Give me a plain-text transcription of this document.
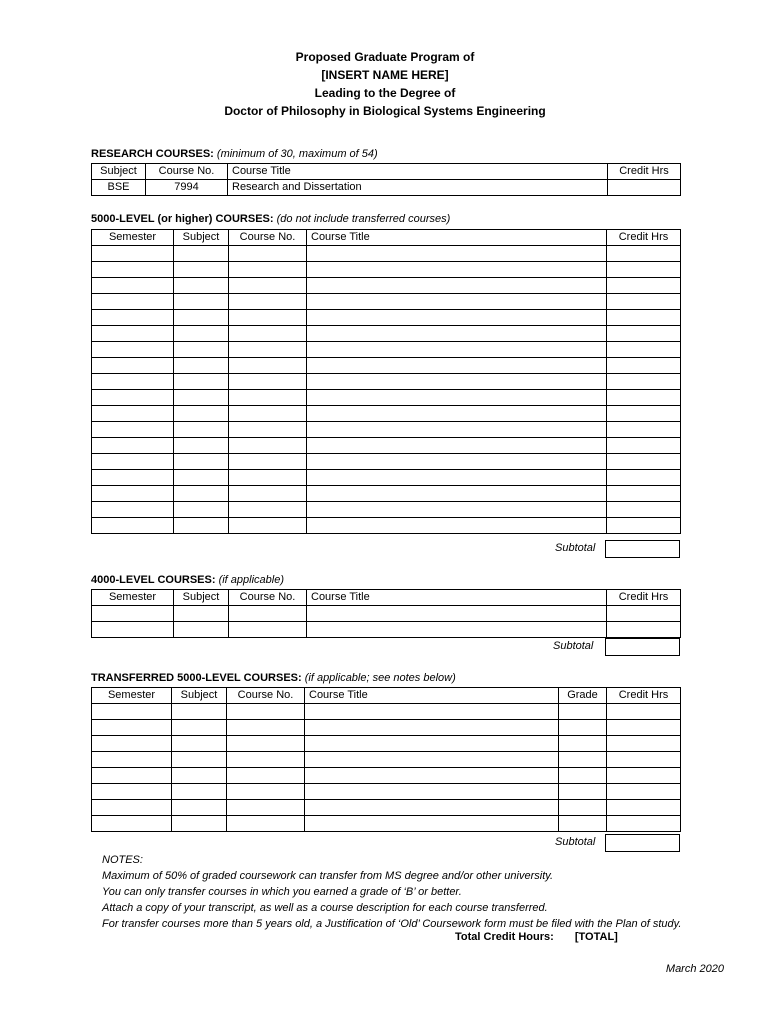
Proposed Graduate Program of
[INSERT NAME HERE]
Leading to the Degree of
Doctor of Philosophy in Biological Systems Engineering
RESEARCH COURSES: (minimum of 30, maximum of 54)
Subject	Course No.	Course Title	Credit Hrs
BSE	7994	Research and Dissertation	
5000-LEVEL (or higher) COURSES: (do not include transferred courses)
Semester	Subject	Course No.	Course Title	Credit Hrs

Subtotal
4000-LEVEL COURSES: (if applicable)
Semester	Subject	Course No.	Course Title	Credit Hrs

Subtotal
TRANSFERRED 5000-LEVEL COURSES: (if applicable; see notes below)
Semester	Subject	Course No.	Course Title	Grade	Credit Hrs

Subtotal
NOTES:
Maximum of 50% of graded coursework can transfer from MS degree and/or other university.
You can only transfer courses in which you earned a grade of ‘B’ or better.
Attach a copy of your transcript, as well as a course description for each course transferred.
For transfer courses more than 5 years old, a Justification of ‘Old’ Coursework form must be filed with the Plan of study.
Total Credit Hours: [TOTAL]
March 2020
